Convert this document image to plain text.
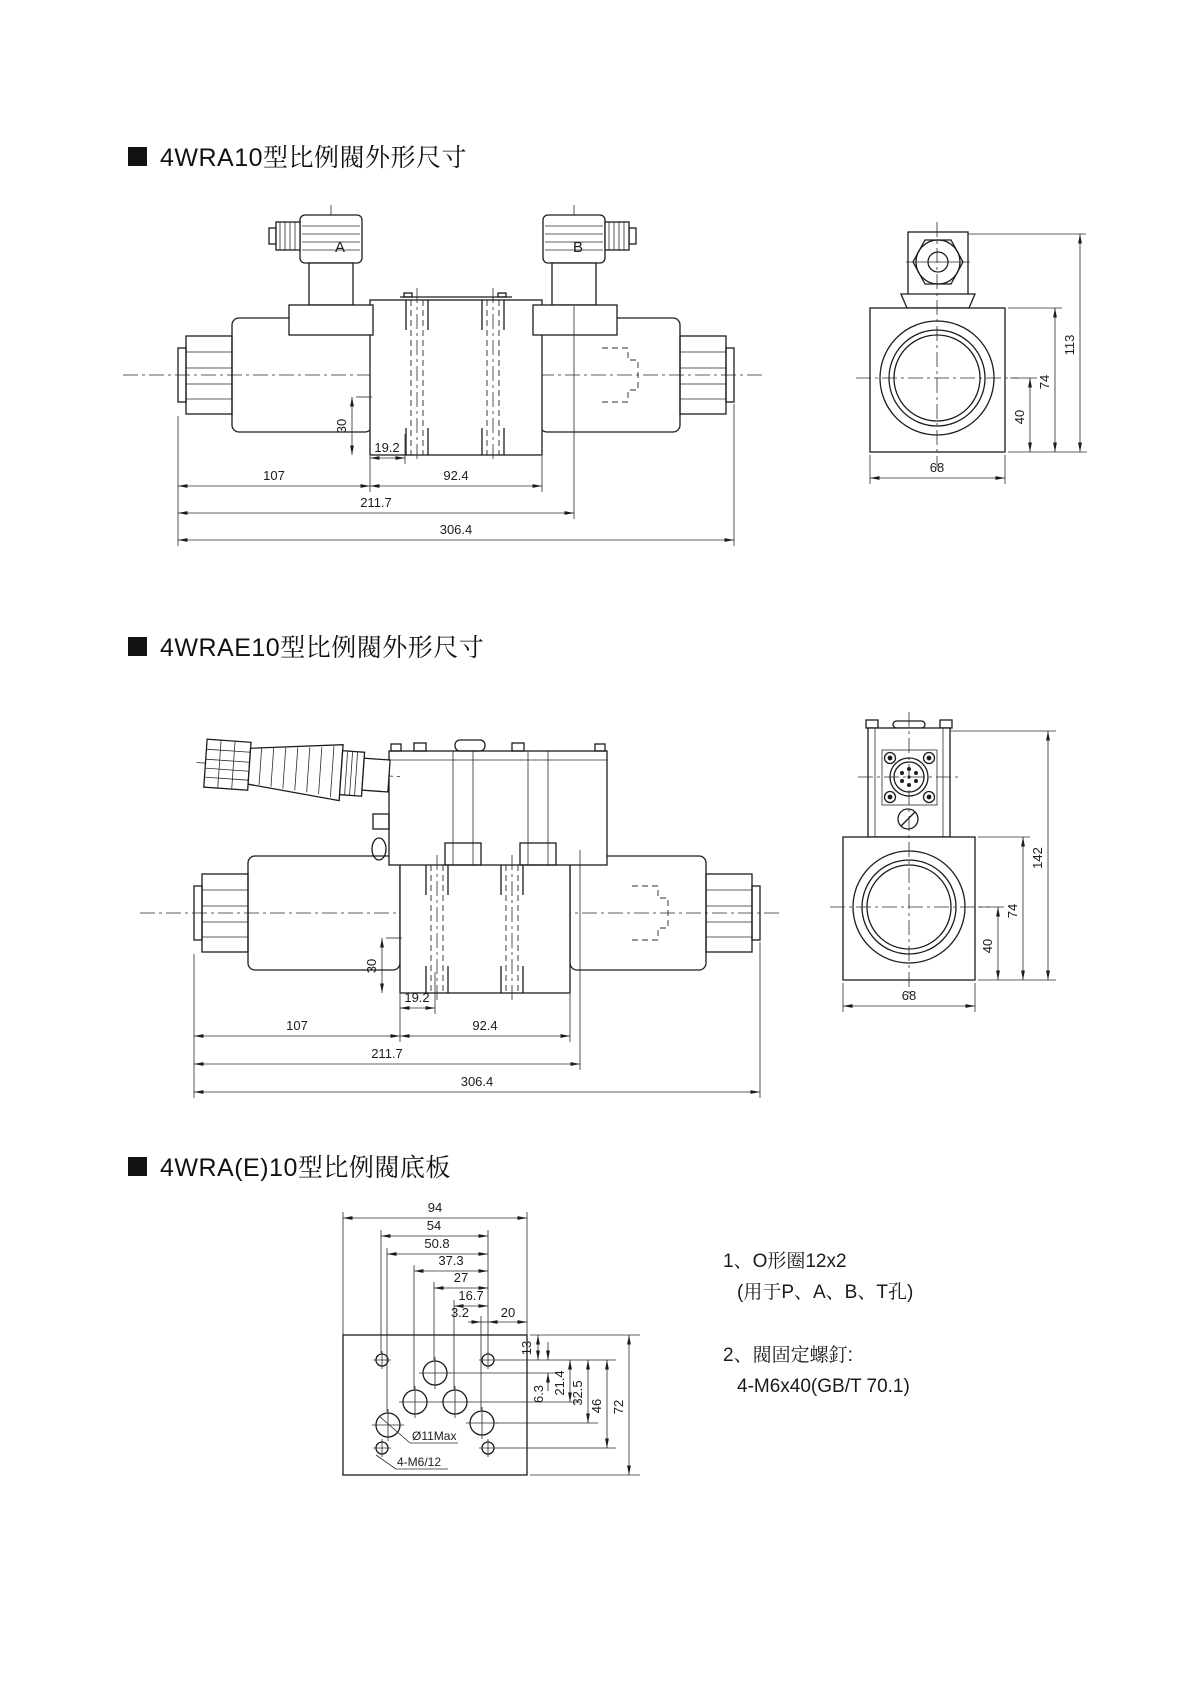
4WRA10型比例閥外形尺寸
4WRAE10型比例閥外形尺寸
4WRA(E)10型比例閥底板
A	B
30
19.2
107	92.4
211.7
306.4
68
40
74
113
30
19.2
107	92.4
211.7
306.4
68
40
74
142
Ø11Max
4-M6/12
94
54
50.8
37.3
27
16.7
3.2 20
13
6.3 21.4 32.5
46 72
1、O形圈12x2
(用于P、A、B、T孔)
2、閥固定螺釘:
4-M6x40(GB/T 70.1)
